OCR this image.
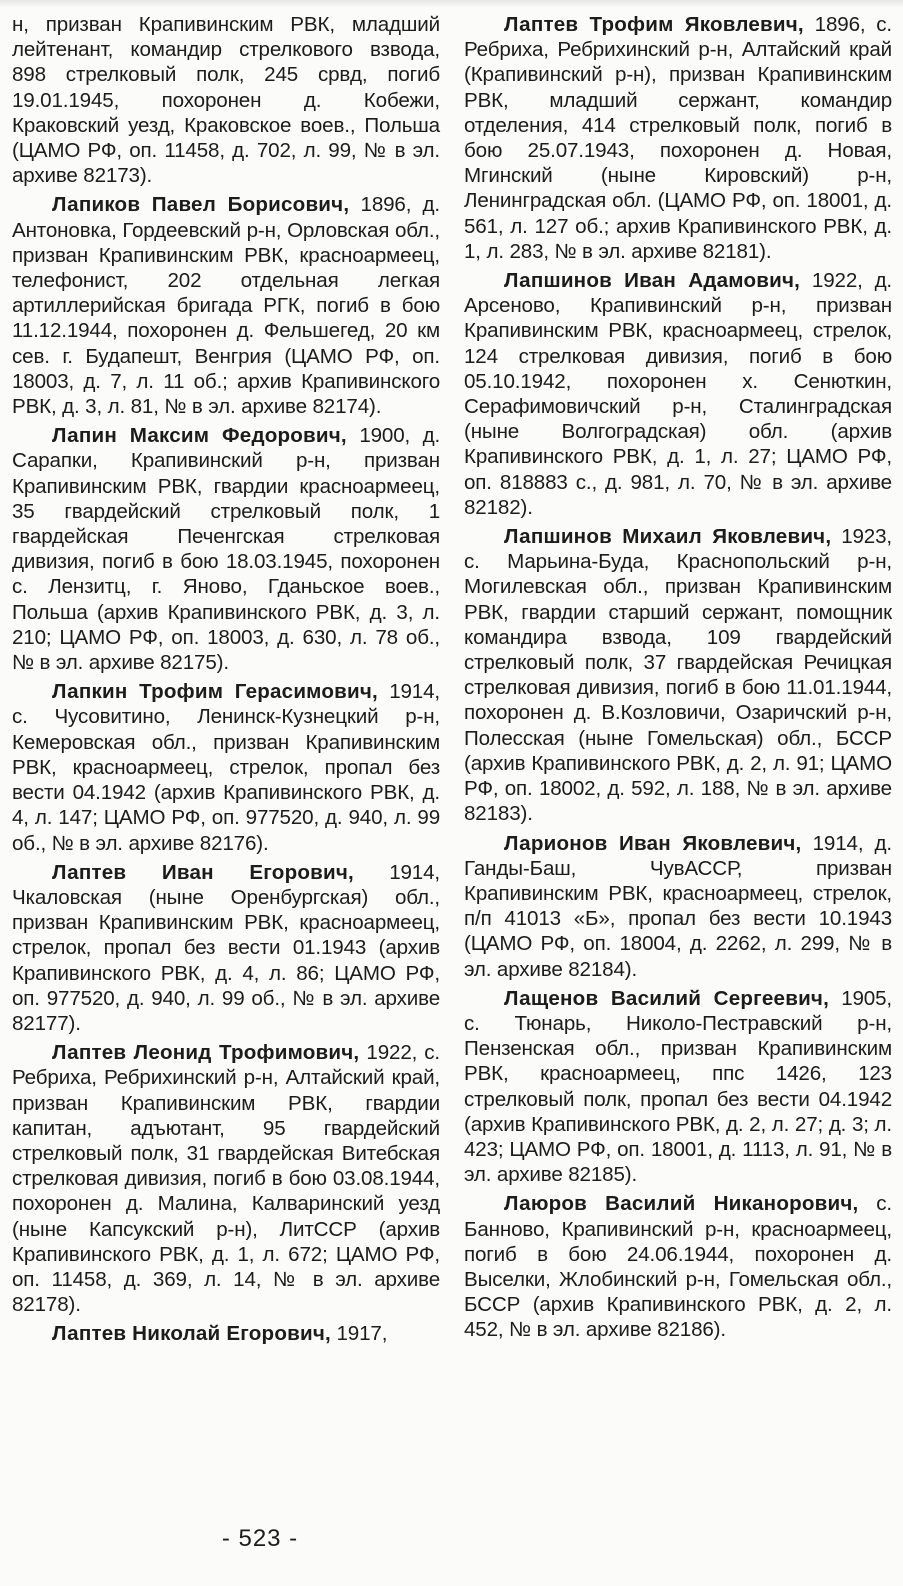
н, призван Крапивинским РВК, младший лейтенант, командир стрелкового взвода, 898 стрелковый полк, 245 срвд, погиб 19.01.1945, похоронен д. Кобежи, Краковский уезд, Краковское воев., Польша (ЦАМО РФ, оп. 11458, д. 702, л. 99, № в эл. архиве 82173).

Лапиков Павел Борисович, 1896, д. Антоновка, Гордеевский р-н, Орловская обл., призван Крапивинским РВК, красноармеец, телефонист, 202 отдельная легкая артиллерийская бригада РГК, погиб в бою 11.12.1944, похоронен д. Фельшегед, 20 км сев. г. Будапешт, Венгрия (ЦАМО РФ, оп. 18003, д. 7, л. 11 об.; архив Крапивинского РВК, д. 3, л. 81, № в эл. архиве 82174).

Лапин Максим Федорович, 1900, д. Сарапки, Крапивинский р-н, призван Крапивинским РВК, гвардии красноармеец, 35 гвардейский стрелковый полк, 1 гвардейская Печенгская стрелковая дивизия, погиб в бою 18.03.1945, похоронен с. Лензитц, г. Яново, Гданьское воев., Польша (архив Крапивинского РВК, д. 3, л. 210; ЦАМО РФ, оп. 18003, д. 630, л. 78 об., № в эл. архиве 82175).

Лапкин Трофим Герасимович, 1914, с. Чусовитино, Ленинск-Кузнецкий р-н, Кемеровская обл., призван Крапивинским РВК, красноармеец, стрелок, пропал без вести 04.1942 (архив Крапивинского РВК, д. 4, л. 147; ЦАМО РФ, оп. 977520, д. 940, л. 99 об., № в эл. архиве 82176).

Лаптев Иван Егорович, 1914, Чкаловская (ныне Оренбургская) обл., призван Крапивинским РВК, красноармеец, стрелок, пропал без вести 01.1943 (архив Крапивинского РВК, д. 4, л. 86; ЦАМО РФ, оп. 977520, д. 940, л. 99 об., № в эл. архиве 82177).

Лаптев Леонид Трофимович, 1922, с. Ребриха, Ребрихинский р-н, Алтайский край, призван Крапивинским РВК, гвардии капитан, адъютант, 95 гвардейский стрелковый полк, 31 гвардейская Витебская стрелковая дивизия, погиб в бою 03.08.1944, похоронен д. Малина, Калваринский уезд (ныне Капсукский р-н), ЛитССР (архив Крапивинского РВК, д. 1, л. 672; ЦАМО РФ, оп. 11458, д. 369, л. 14, № в эл. архиве 82178).

Лаптев Николай Егорович, 1917,

Лаптев Трофим Яковлевич, 1896, с. Ребриха, Ребрихинский р-н, Алтайский край (Крапивинский р-н), призван Крапивинским РВК, младший сержант, командир отделения, 414 стрелковый полк, погиб в бою 25.07.1943, похоронен д. Новая, Мгинский (ныне Кировский) р-н, Ленинградская обл. (ЦАМО РФ, оп. 18001, д. 561, л. 127 об.; архив Крапивинского РВК, д. 1, л. 283, № в эл. архиве 82181).

Лапшинов Иван Адамович, 1922, д. Арсеново, Крапивинский р-н, призван Крапивинским РВК, красноармеец, стрелок, 124 стрелковая дивизия, погиб в бою 05.10.1942, похоронен х. Сенюткин, Серафимовичский р-н, Сталинградская (ныне Волгоградская) обл. (архив Крапивинского РВК, д. 1, л. 27; ЦАМО РФ, оп. 818883 с., д. 981, л. 70, № в эл. архиве 82182).

Лапшинов Михаил Яковлевич, 1923, с. Марьина-Буда, Краснопольский р-н, Могилевская обл., призван Крапивинским РВК, гвардии старший сержант, помощник командира взвода, 109 гвардейский стрелковый полк, 37 гвардейская Речицкая стрелковая дивизия, погиб в бою 11.01.1944, похоронен д. В.Козловичи, Озаричский р-н, Полесская (ныне Гомельская) обл., БССР (архив Крапивинского РВК, д. 2, л. 91; ЦАМО РФ, оп. 18002, д. 592, л. 188, № в эл. архиве 82183).

Ларионов Иван Яковлевич, 1914, д. Ганды-Баш, ЧувАССР, призван Крапивинским РВК, красноармеец, стрелок, п/п 41013 «Б», пропал без вести 10.1943 (ЦАМО РФ, оп. 18004, д. 2262, л. 299, № в эл. архиве 82184).

Лащенов Василий Сергеевич, 1905, с. Тюнарь, Николо-Пестравский р-н, Пензенская обл., призван Крапивинским РВК, красноармеец, ппс 1426, 123 стрелковый полк, пропал без вести 04.1942 (архив Крапивинского РВК, д. 2, л. 27; д. 3; л. 423; ЦАМО РФ, оп. 18001, д. 1113, л. 91, № в эл. архиве 82185).

Лаюров Василий Никанорович, с. Банново, Крапивинский р-н, красноармеец, погиб в бою 24.06.1944, похоронен д. Выселки, Жлобинский р-н, Гомельская обл., БССР (архив Крапивинского РВК, д. 2, л. 452, № в эл. архиве 82186).

- 523 -
